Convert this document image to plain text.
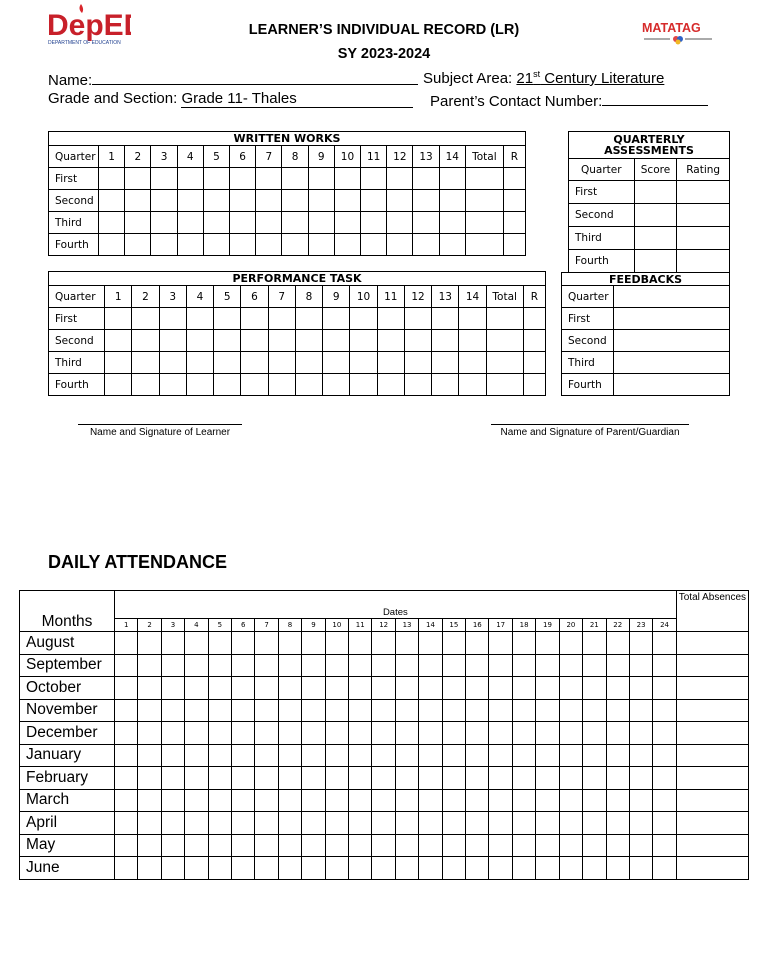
DepE
DEPARTMENT OF EDUCATION
MATATAG
LEARNER’S INDIVIDUAL RECORD (LR)
SY 2023-2024
Name:	Subject Area: 21st Century Literature
Grade and Section: Grade 11- Thales	Parent’s Contact Number:
WRITTEN WORKS																
Quarter	1	2	3	4	5	6	7	8	9	10	11	12	13	14	Total	R
First																
Second																
Third																
Fourth																
PERFORMANCE TASK																
Quarter	1	2	3	4	5	6	7	8	9	10	11	12	13	14	Total	R
First																
Second																
Third																
Fourth																
QUARTERLY ASSESSMENTS		
Quarter	Score	Rating
First		
Second		
Third		
Fourth		
FEEDBACKS	
Quarter	
First	
Second	
Third	
Fourth	
Name and Signature of Learner	Name and Signature of Parent/Guardian
DAILY ATTENDANCE
Months	Dates																								Total Absences
	1	2	3	4	5	6	7	8	9	10	11	12	13	14	15	16	17	18	19	20	21	22	23	24	
August																									
September																									
October																									
November																									
December																									
January																									
February																									
March																									
April																									
May																									
June																									
